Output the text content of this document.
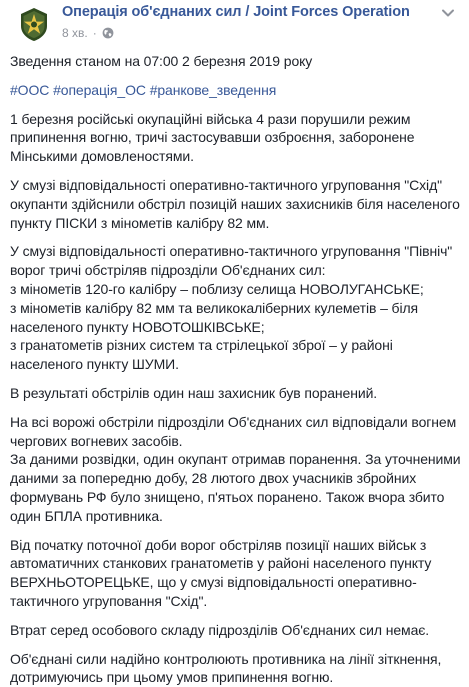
Операція об'єднаних сил / Joint Forces Operation
8 хв. ·

Зведення станом на 07:00 2 березня 2019 року

#ООС #операція_ОС #ранкове_зведення

1 березня російські окупаційні війська 4 рази порушили режим припинення вогню, тричі застосувавши озброєння, заборонене Мінськими домовленостями.

У смузі відповідальності оперативно-тактичного угруповання "Схід" окупанти здійснили обстріл позицій наших захисників біля населеного пункту ПІСКИ з мінометів калібру 82 мм.

У смузі відповідальності оперативно-тактичного угруповання "Північ" ворог тричі обстріляв підрозділи Об'єднаних сил:
з мінометів 120-го калібру – поблизу селища НОВОЛУГАНСЬКЕ;
з мінометів калібру 82 мм та великокаліберних кулеметів – біля населеного пункту НОВОТОШКІВСЬКЕ;
з гранатометів різних систем та стрілецької зброї – у районі населеного пункту ШУМИ.

В результаті обстрілів один наш захисник був поранений.

На всі ворожі обстріли підрозділи Об'єднаних сил відповідали вогнем чергових вогневих засобів.
За даними розвідки, один окупант отримав поранення. За уточненими даними за попередню добу, 28 лютого двох учасників збройних формувань РФ було знищено, п'ятьох поранено. Також вчора збито один БПЛА противника.

Від початку поточної доби ворог обстріляв позиції наших військ з автоматичних станкових гранатометів у районі населеного пункту ВЕРХНЬОТОРЕЦЬКЕ, що у смузі відповідальності оперативно-тактичного угруповання "Схід".

Втрат серед особового складу підрозділів Об'єднаних сил немає.

Об'єднані сили надійно контролюють противника на лінії зіткнення, дотримуючись при цьому умов припинення вогню.
